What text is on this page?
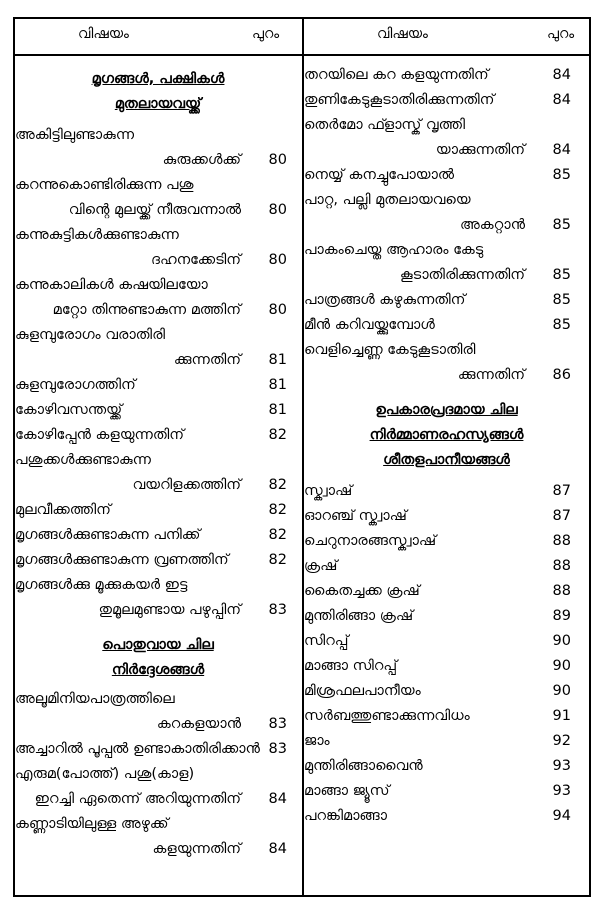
വിഷയം	പുറം	വിഷയം	പുറം
മൃഗങ്ങൾ, പക്ഷികൾ
മുതലായവയ്ക്ക്
അകിട്ടിലുണ്ടാകുന്ന
കുരുക്കൾക്ക്	80
കറന്നുകൊണ്ടിരിക്കുന്ന പശു
വിന്റെ മുലയ്ക്ക് നീരുവന്നാൽ	80
കന്നുകുട്ടികൾക്കുണ്ടാകുന്ന
ദഹനക്കേടിന്	80
കന്നുകാലികൾ കഷയിലയോ
മറ്റോ തിന്നുണ്ടാകുന്ന മത്തിന്	80
കുളമ്പുരോഗം വരാതിരി
ക്കുന്നതിന്	81
കുളമ്പുരോഗത്തിന്	81
കോഴിവസന്തയ്ക്ക്	81
കോഴിപ്പേൻ കളയുന്നതിന്	82
പശുക്കൾക്കുണ്ടാകുന്ന
വയറിളക്കത്തിന്	82
മുലവീക്കത്തിന്	82
മൃഗങ്ങൾക്കുണ്ടാകുന്ന പനിക്ക്	82
മൃഗങ്ങൾക്കുണ്ടാകുന്ന വ്രണത്തിന്	82
മൃഗങ്ങൾക്കു മൂക്കുകയർ ഇട്ട
തുമൂലമുണ്ടായ പഴുപ്പിന്	83
പൊതുവായ ചില
നിർദ്ദേശങ്ങൾ
അലൂമിനിയപാത്രത്തിലെ
കറകളയാൻ	83
അച്ചാറിൽ പൂപ്പൽ ഉണ്ടാകാതിരിക്കാൻ 83
എരുമ(പോത്ത്) പശു(കാള)
ഇറച്ചി ഏതെന്ന് അറിയുന്നതിന്	84
കണ്ണാടിയിലുള്ള അഴുക്ക്
കളയുന്നതിന്	84
തറയിലെ കറ കളയുന്നതിന്	84
തുണികേടുകൂടാതിരിക്കുന്നതിന്	84
തെർമോ ഫ്ളാസ്ക് വൃത്തി
യാക്കുന്നതിന്	84
നെയ്യ് കനച്ചുപോയാൽ	85
പാറ്റ, പല്ലി മുതലായവയെ
അകറ്റാൻ	85
പാകംചെയ്ത ആഹാരം കേടു
കൂടാതിരിക്കുന്നതിന്	85
പാത്രങ്ങൾ കഴുകുന്നതിന്	85
മീൻ കറിവയ്ക്കുമ്പോൾ	85
വെളിച്ചെണ്ണ കേടുകൂടാതിരി
ക്കുന്നതിന്	86
ഉപകാരപ്രദമായ ചില
നിർമ്മാണരഹസ്യങ്ങൾ
ശീതളപാനീയങ്ങൾ
സ്ക്വാഷ്	87
ഓറഞ്ച് സ്ക്വാഷ്	87
ചെറുനാരങ്ങസ്ക്വാഷ്	88
ക്രഷ്	88
കൈതച്ചക്ക ക്രഷ്	88
മുന്തിരിങ്ങാ ക്രഷ്	89
സിറപ്പ്	90
മാങ്ങാ സിറപ്പ്	90
മിശ്രഫലപാനീയം	90
സർബത്തുണ്ടാക്കുന്നവിധം	91
ജാം	92
മുന്തിരിങ്ങാവൈൻ	93
മാങ്ങാ ജ്യൂസ്	93
പറങ്കിമാങ്ങാ	94
